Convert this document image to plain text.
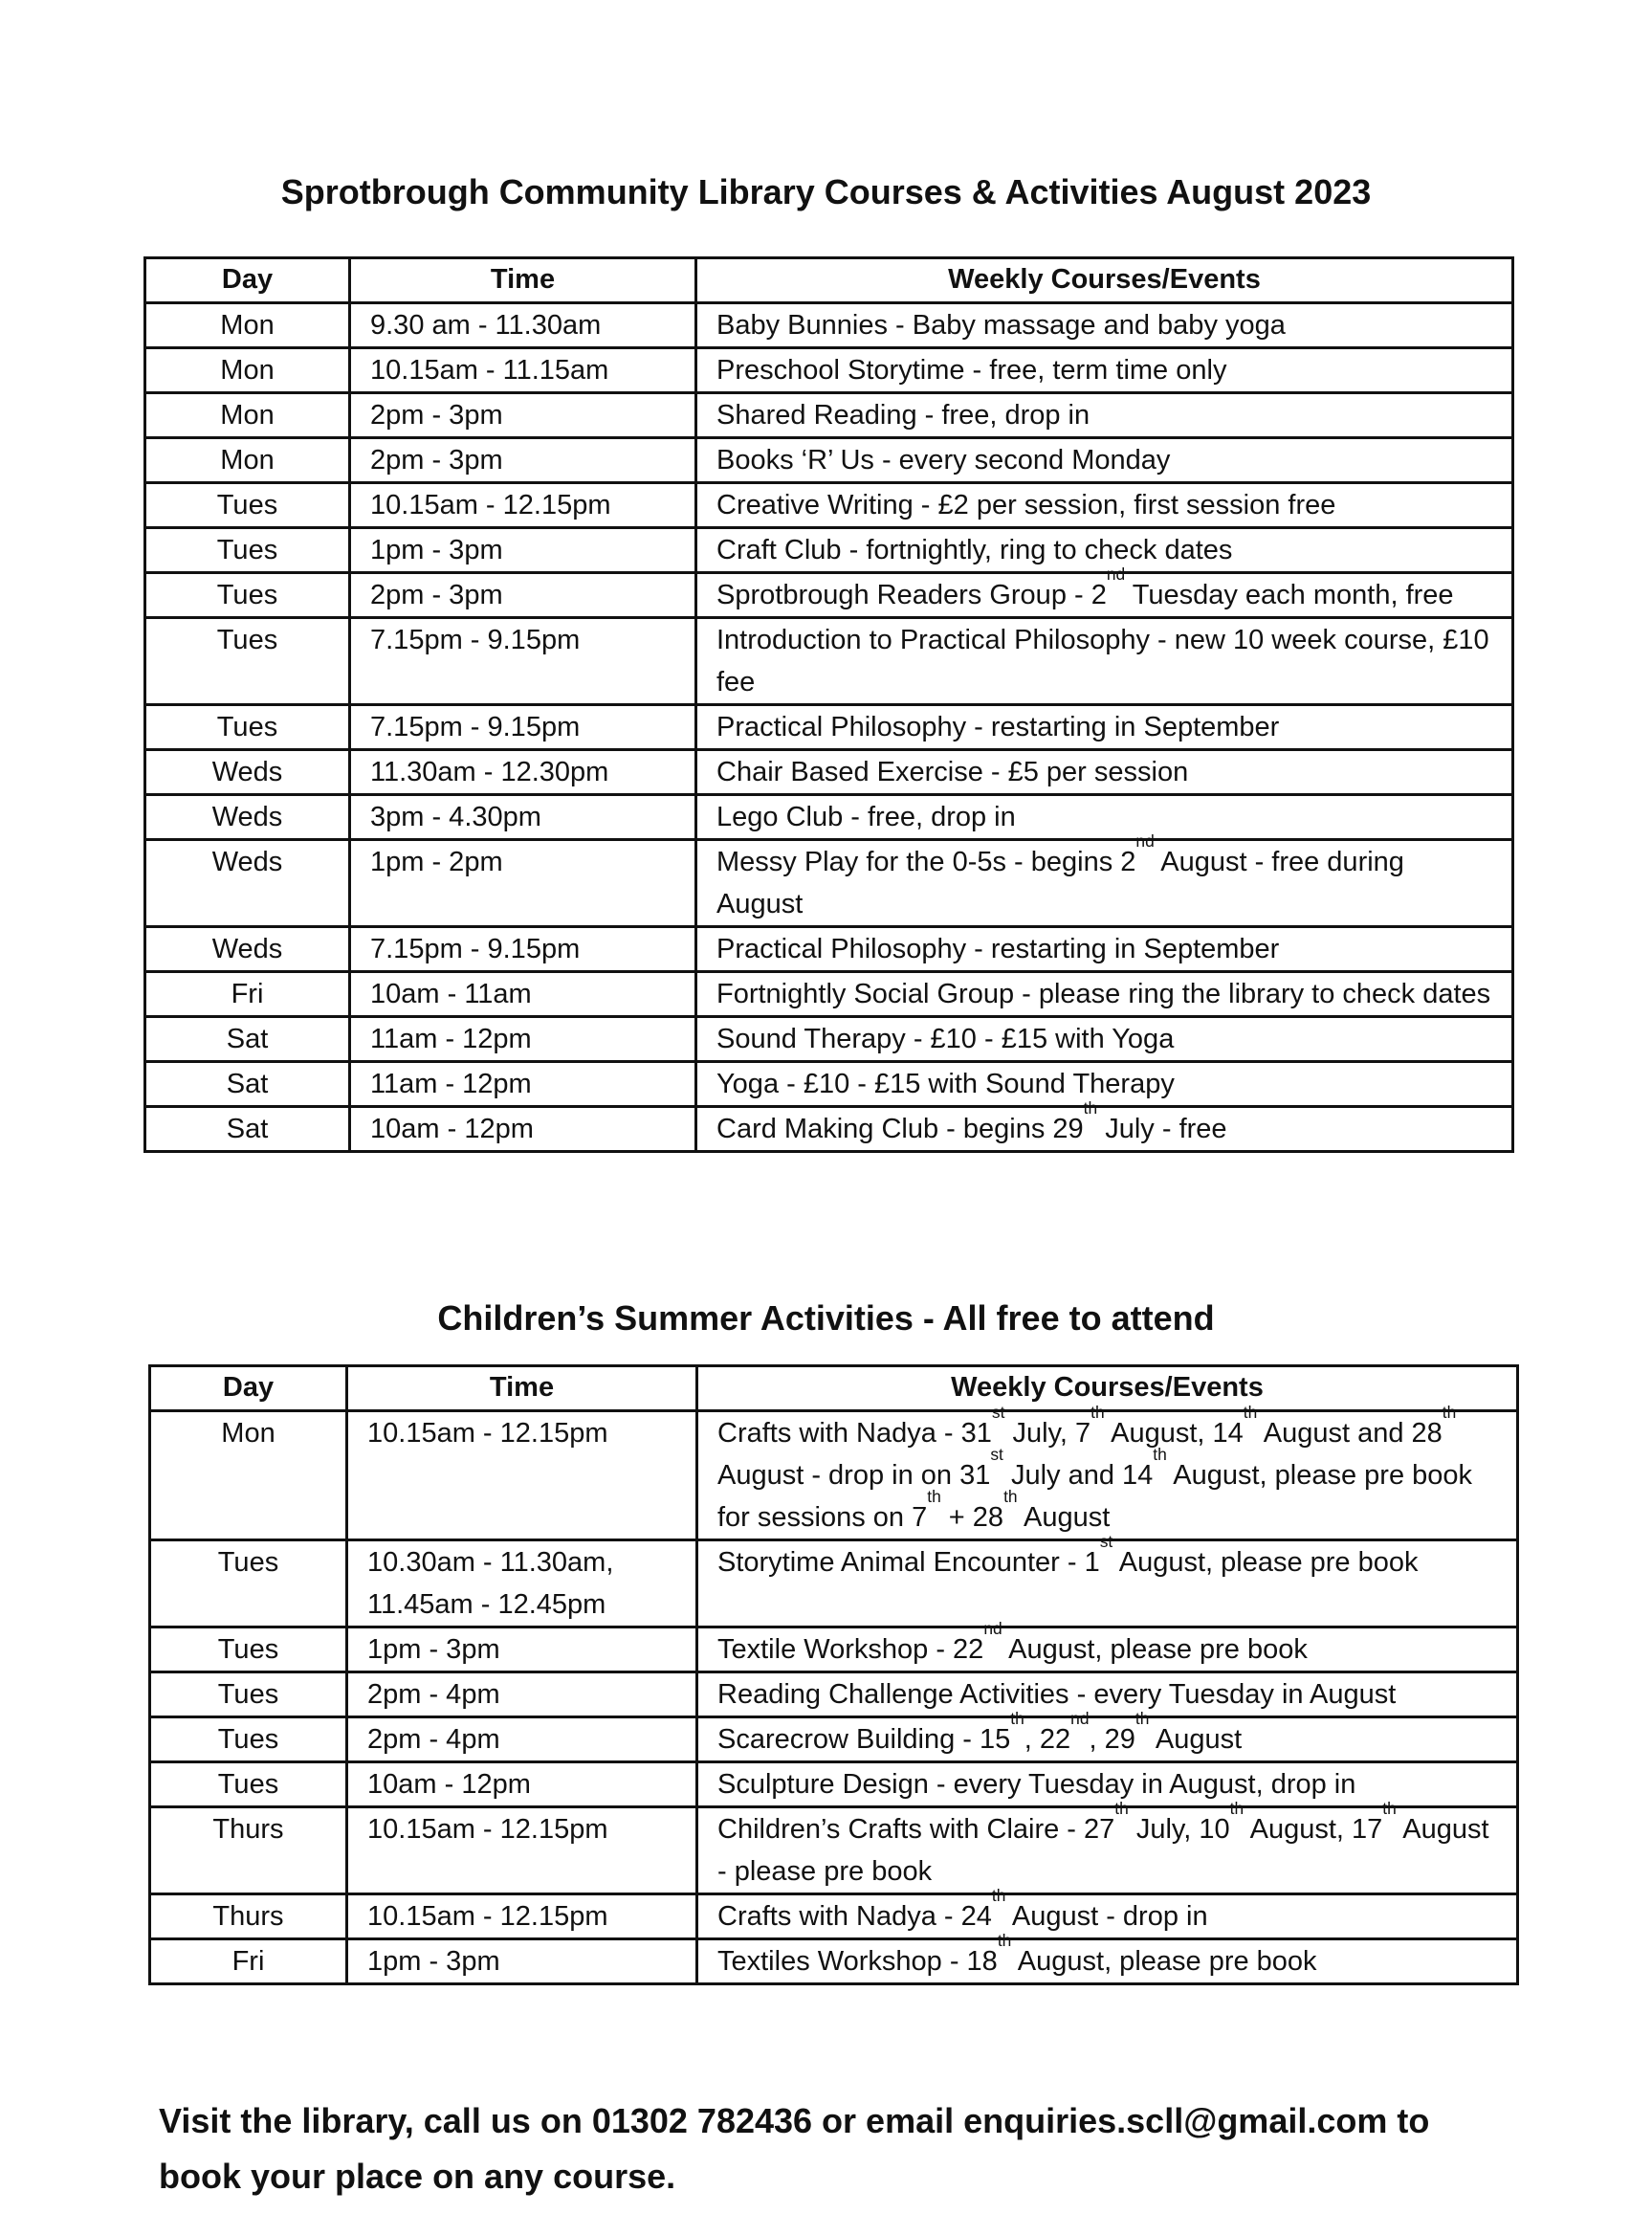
Sprotbrough Community Library Courses & Activities August 2023
Day	Time	Weekly Courses/Events
Mon	9.30 am - 11.30am	Baby Bunnies - Baby massage and baby yoga
Mon	10.15am - 11.15am	Preschool Storytime - free, term time only
Mon	2pm - 3pm	Shared Reading - free, drop in
Mon	2pm - 3pm	Books ‘R’ Us - every second Monday
Tues	10.15am - 12.15pm	Creative Writing - £2 per session, first session free
Tues	1pm - 3pm	Craft Club - fortnightly, ring to check dates
Tues	2pm - 3pm	Sprotbrough Readers Group - 2nd Tuesday each month, free
Tues	7.15pm - 9.15pm	Introduction to Practical Philosophy - new 10 week course, £10 fee
Tues	7.15pm - 9.15pm	Practical Philosophy - restarting in September
Weds	11.30am - 12.30pm	Chair Based Exercise - £5 per session
Weds	3pm - 4.30pm	Lego Club - free, drop in
Weds	1pm - 2pm	Messy Play for the 0-5s - begins 2nd August - free during August
Weds	7.15pm - 9.15pm	Practical Philosophy - restarting in September
Fri	10am - 11am	Fortnightly Social Group - please ring the library to check dates
Sat	11am - 12pm	Sound Therapy - £10 - £15 with Yoga
Sat	11am - 12pm	Yoga - £10 - £15 with Sound Therapy
Sat	10am - 12pm	Card Making Club - begins 29th July - free
Children’s Summer Activities - All free to attend
Day	Time	Weekly Courses/Events
Mon	10.15am - 12.15pm	Crafts with Nadya - 31st July, 7th August, 14th August and 28th August - drop in on 31st July and 14th August, please pre book for sessions on 7th + 28th August
Tues	10.30am - 11.30am, 11.45am - 12.45pm	Storytime Animal Encounter - 1st August, please pre book
Tues	1pm - 3pm	Textile Workshop - 22nd August, please pre book
Tues	2pm - 4pm	Reading Challenge Activities - every Tuesday in August
Tues	2pm - 4pm	Scarecrow Building - 15th, 22nd, 29th August
Tues	10am - 12pm	Sculpture Design - every Tuesday in August, drop in
Thurs	10.15am - 12.15pm	Children’s Crafts with Claire - 27th July, 10th August, 17th August - please pre book
Thurs	10.15am - 12.15pm	Crafts with Nadya - 24th August - drop in
Fri	1pm - 3pm	Textiles Workshop - 18th August, please pre book
Visit the library, call us on 01302 782436 or email enquiries.scll@gmail.com to book your place on any course.
